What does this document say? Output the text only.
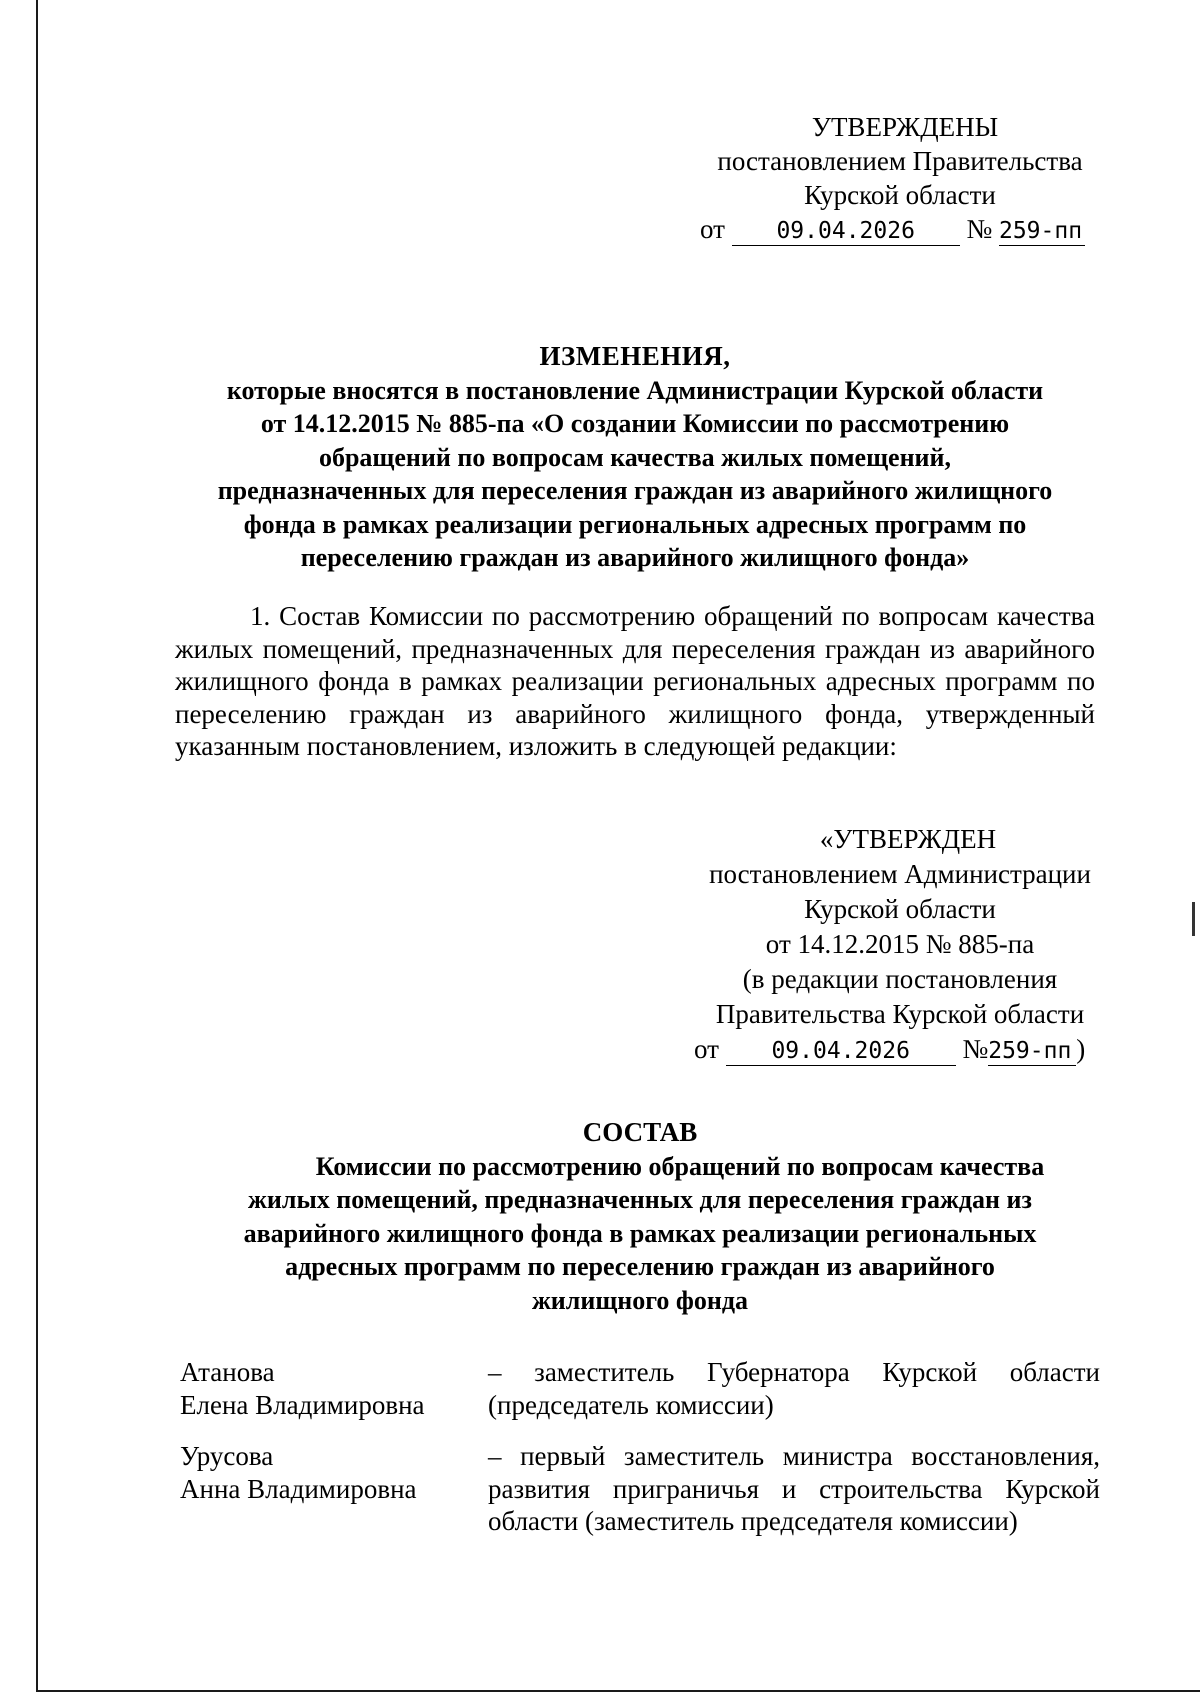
УТВЕРЖДЕНЫ
постановлением Правительства
Курской области
от 09.04.2026 № 259-пп
ИЗМЕНЕНИЯ,
которые вносятся в постановление Администрации Курской области
от 14.12.2015 № 885-па «О создании Комиссии по рассмотрению
обращений по вопросам качества жилых помещений,
предназначенных для переселения граждан из аварийного жилищного
фонда в рамках реализации региональных адресных программ по
переселению граждан из аварийного жилищного фонда»

1. Состав Комиссии по рассмотрению обращений по вопросам качества жилых помещений, предназначенных для переселения граждан из аварийного жилищного фонда в рамках реализации региональных адресных программ по переселению граждан из аварийного жилищного фонда, утвержденный указанным постановлением, изложить в следующей редакции:

«УТВЕРЖДЕН
постановлением Администрации
Курской области
от 14.12.2015 № 885-па
(в редакции постановления
Правительства Курской области
от 09.04.2026 №259-пп )
СОСТАВ
Комиссии по рассмотрению обращений по вопросам качества
жилых помещений, предназначенных для переселения граждан из
аварийного жилищного фонда в рамках реализации региональных
адресных программ по переселению граждан из аварийного
жилищного фонда
Атанова
Елена Владимировна
– заместитель Губернатора Курской области (председатель комиссии)
Урусова
Анна Владимировна
– первый заместитель министра восстановления, развития приграничья и строительства Курской области (заместитель председателя комиссии)
